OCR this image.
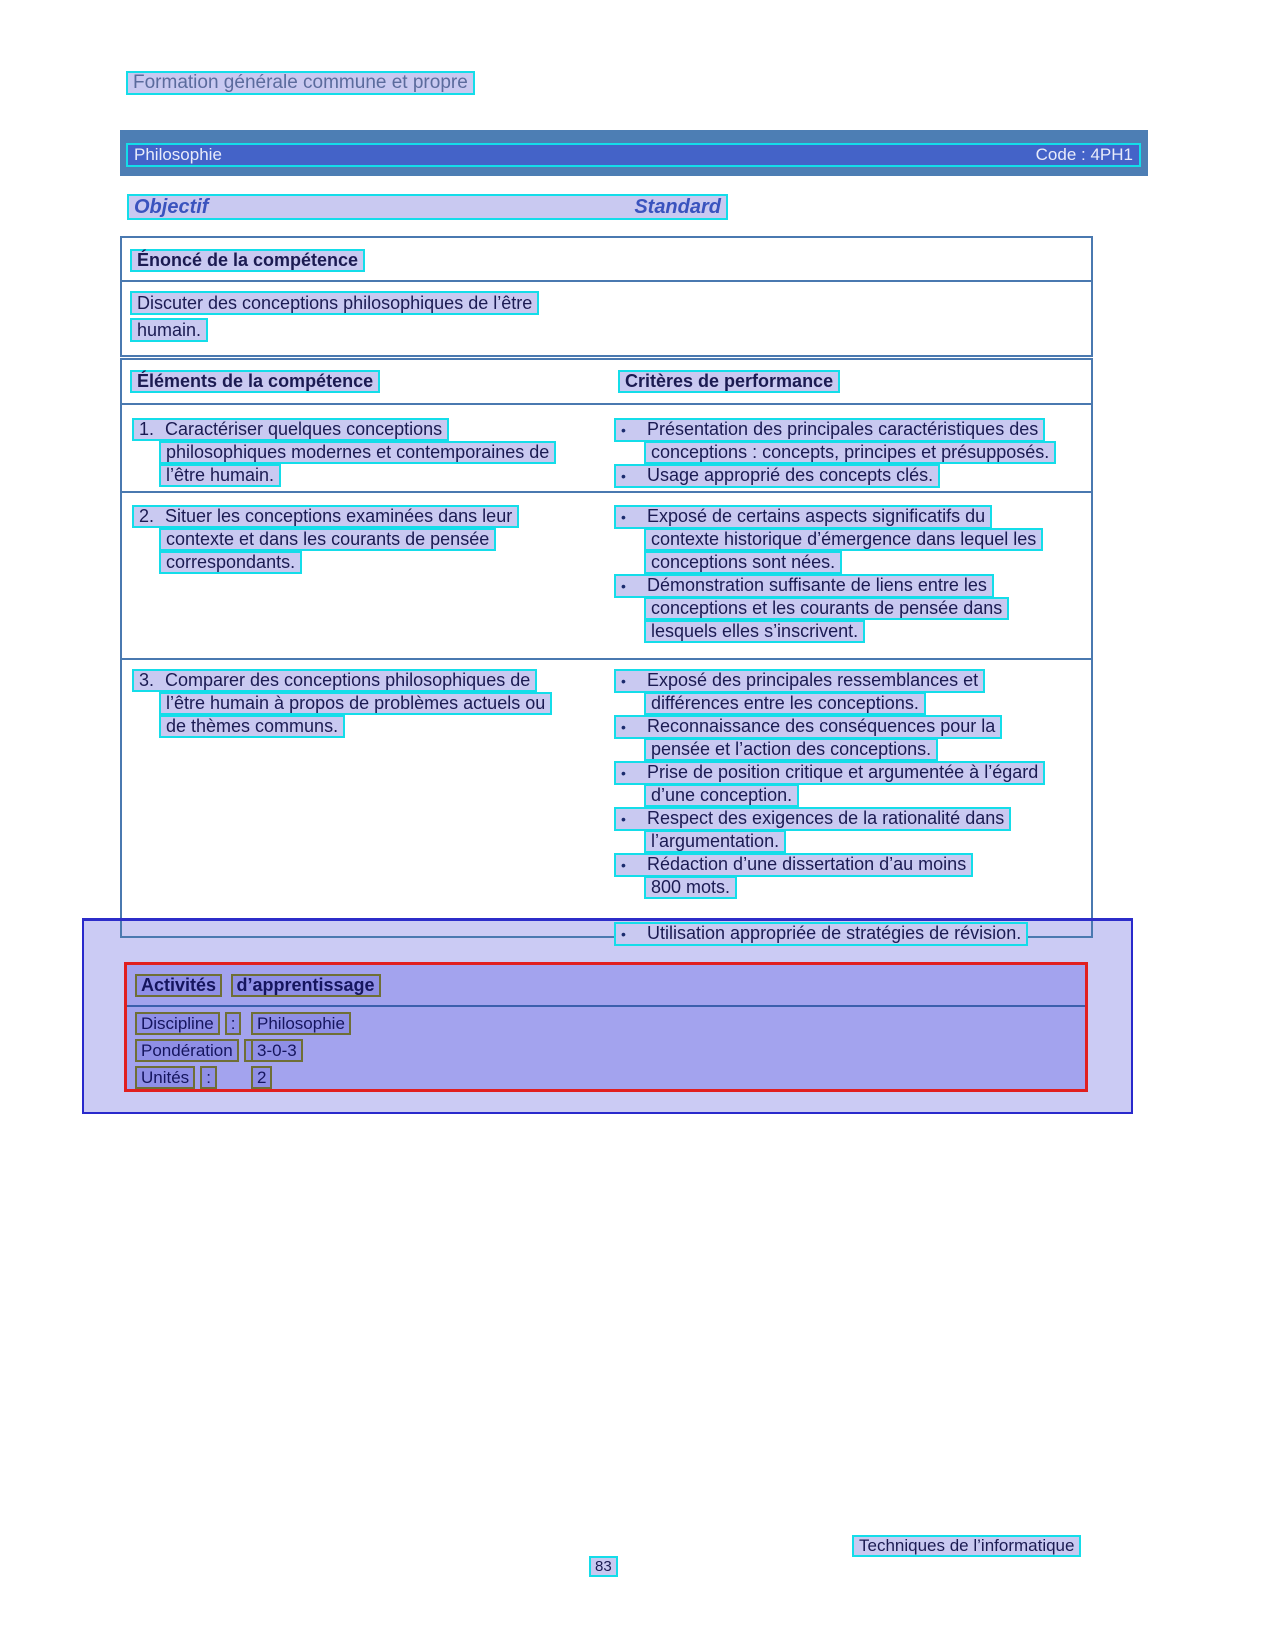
Formation générale commune et propre
Philosophie	Code : 4PH1
Objectif	Standard
Énoncé de la compétence
Discuter des conceptions philosophiques de l’être
humain.
Éléments de la compétence	Critères de performance
1. Caractériser quelques conceptions
philosophiques modernes et contemporaines de
l’être humain.
• Présentation des principales caractéristiques des
conceptions : concepts, principes et présupposés.
• Usage approprié des concepts clés.
2. Situer les conceptions examinées dans leur
contexte et dans les courants de pensée
correspondants.
• Exposé de certains aspects significatifs du
contexte historique d’émergence dans lequel les
conceptions sont nées.
• Démonstration suffisante de liens entre les
conceptions et les courants de pensée dans
lesquels elles s’inscrivent.
3. Comparer des conceptions philosophiques de
l’être humain à propos de problèmes actuels ou
de thèmes communs.
• Exposé des principales ressemblances et
différences entre les conceptions.
• Reconnaissance des conséquences pour la
pensée et l’action des conceptions.
• Prise de position critique et argumentée à l’égard
d’une conception.
• Respect des exigences de la rationalité dans
l’argumentation.
• Rédaction d’une dissertation d’au moins
800 mots.
• Utilisation appropriée de stratégies de révision.
Activités d’apprentissage
Discipline :	Philosophie
Pondération	3-0-3
Unités :	2
Techniques de l’informatique
83
